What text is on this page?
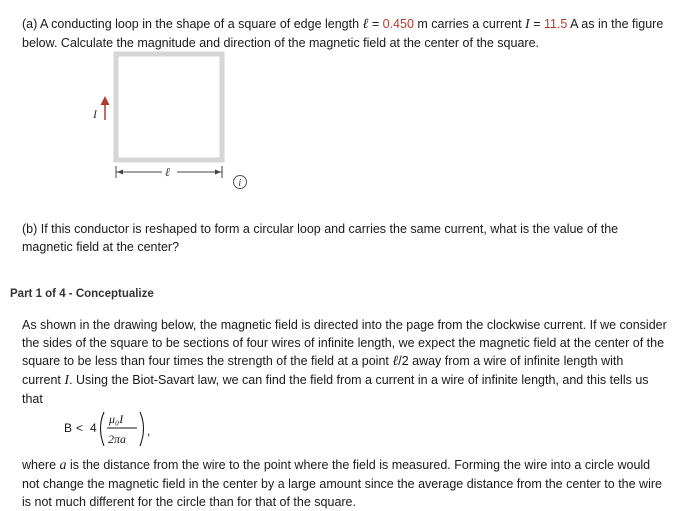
(a) A conducting loop in the shape of a square of edge length ℓ = 0.450 m carries a current I = 11.5 A as in the figure
below. Calculate the magnitude and direction of the magnetic field at the center of the square.
I
ℓ
i
(b) If this conductor is reshaped to form a circular loop and carries the same current, what is the value of the
magnetic field at the center?
Part 1 of 4 - Conceptualize
As shown in the drawing below, the magnetic field is directed into the page from the clockwise current. If we consider
the sides of the square to be sections of four wires of infinite length, we expect the magnetic field at the center of the
square to be less than four times the strength of the field at a point ℓ/2 away from a wire of infinite length with
current I. Using the Biot-Savart law, we can find the field from a current in a wire of infinite length, and this tells us
that
B < 4
μ₀I
2πa
,
where a is the distance from the wire to the point where the field is measured. Forming the wire into a circle would
not change the magnetic field in the center by a large amount since the average distance from the center to the wire
is not much different for the circle than for that of the square.
